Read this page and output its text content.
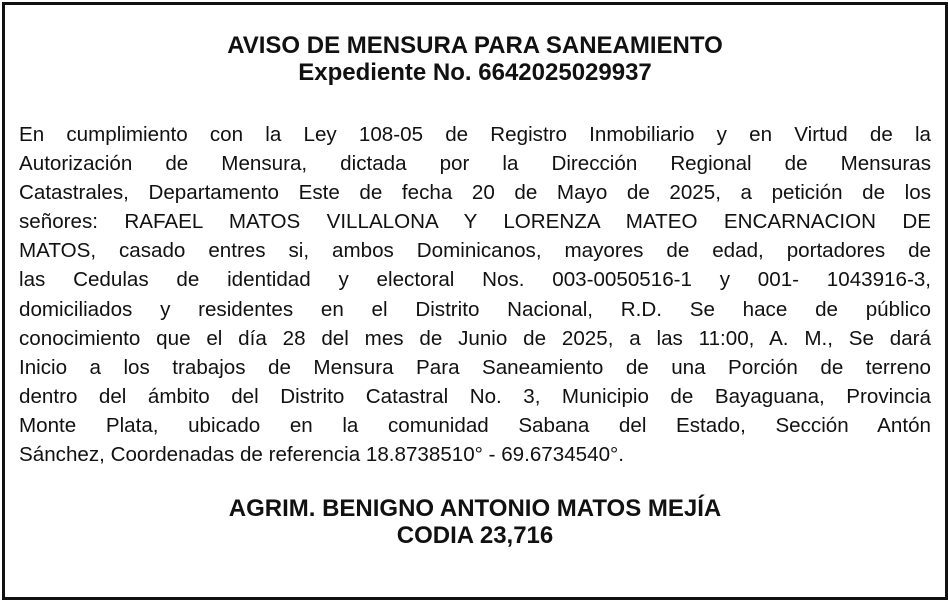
AVISO DE MENSURA PARA SANEAMIENTO
Expediente No. 6642025029937
En cumplimiento con la Ley 108-05 de Registro Inmobiliario y en Virtud de la
Autorización de Mensura, dictada por la Dirección Regional de Mensuras
Catastrales, Departamento Este de fecha 20 de Mayo de 2025, a petición de los
señores: RAFAEL MATOS VILLALONA Y LORENZA MATEO ENCARNACION DE
MATOS, casado entres si, ambos Dominicanos, mayores de edad, portadores de
las Cedulas de identidad y electoral Nos. 003-0050516-1 y 001- 1043916-3,
domiciliados y residentes en el Distrito Nacional, R.D. Se hace de público
conocimiento que el día 28 del mes de Junio de 2025, a las 11:00, A. M., Se dará
Inicio a los trabajos de Mensura Para Saneamiento de una Porción de terreno
dentro del ámbito del Distrito Catastral No. 3, Municipio de Bayaguana, Provincia
Monte Plata, ubicado en la comunidad Sabana del Estado, Sección Antón
Sánchez, Coordenadas de referencia 18.8738510° - 69.6734540°.
AGRIM. BENIGNO ANTONIO MATOS MEJÍA
CODIA 23,716
